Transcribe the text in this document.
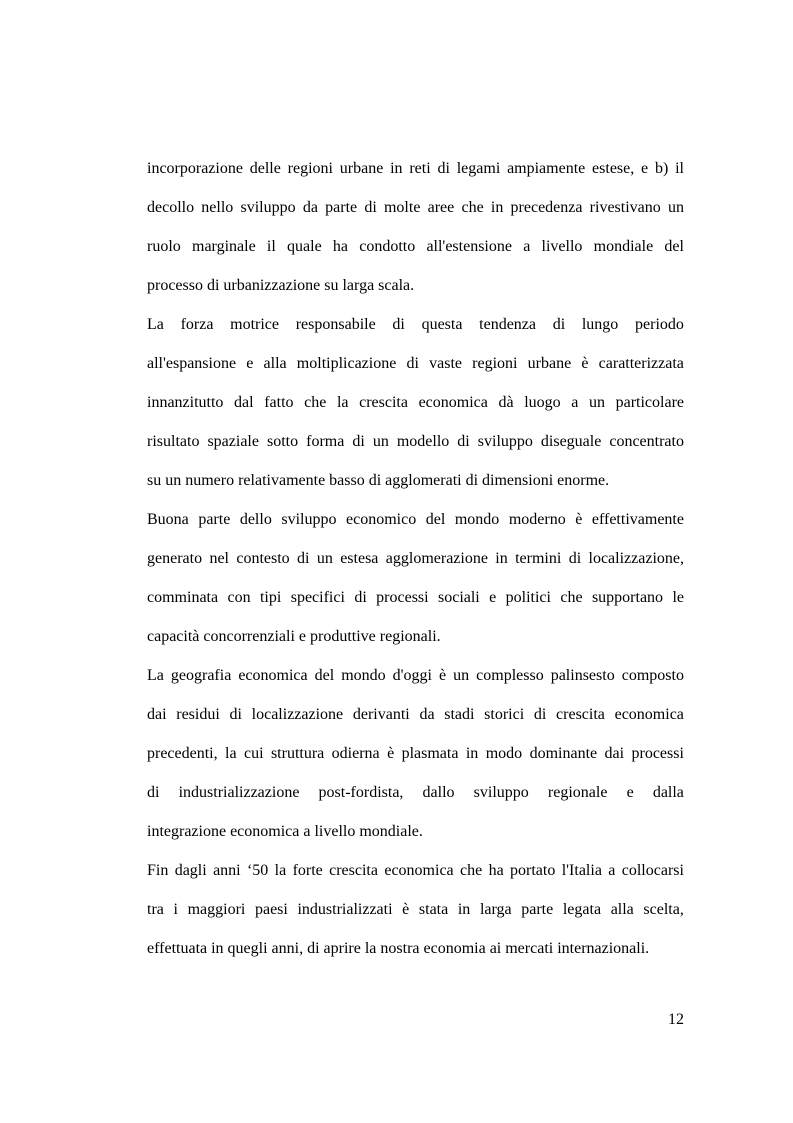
incorporazione delle regioni urbane in reti di legami ampiamente estese, e b) il
decollo nello sviluppo da parte di molte aree che in precedenza rivestivano un
ruolo marginale il quale ha condotto all'estensione a livello mondiale del
processo di urbanizzazione su larga scala.
La forza motrice responsabile di questa tendenza di lungo periodo
all'espansione e alla moltiplicazione di vaste regioni urbane è caratterizzata
innanzitutto dal fatto che la crescita economica dà luogo a un particolare
risultato spaziale sotto forma di un modello di sviluppo diseguale concentrato
su un numero relativamente basso di agglomerati di dimensioni enorme.
Buona parte dello sviluppo economico del mondo moderno è effettivamente
generato nel contesto di un estesa agglomerazione in termini di localizzazione,
comminata con tipi specifici di processi sociali e politici che supportano le
capacità concorrenziali e produttive regionali.
La geografia economica del mondo d'oggi è un complesso palinsesto composto
dai residui di localizzazione derivanti da stadi storici di crescita economica
precedenti, la cui struttura odierna è plasmata in modo dominante dai processi
di industrializzazione post-fordista, dallo sviluppo regionale e dalla
integrazione economica a livello mondiale.
Fin dagli anni ‘50 la forte crescita economica che ha portato l'Italia a collocarsi
tra i maggiori paesi industrializzati è stata in larga parte legata alla scelta,
effettuata in quegli anni, di aprire la nostra economia ai mercati internazionali.
12
